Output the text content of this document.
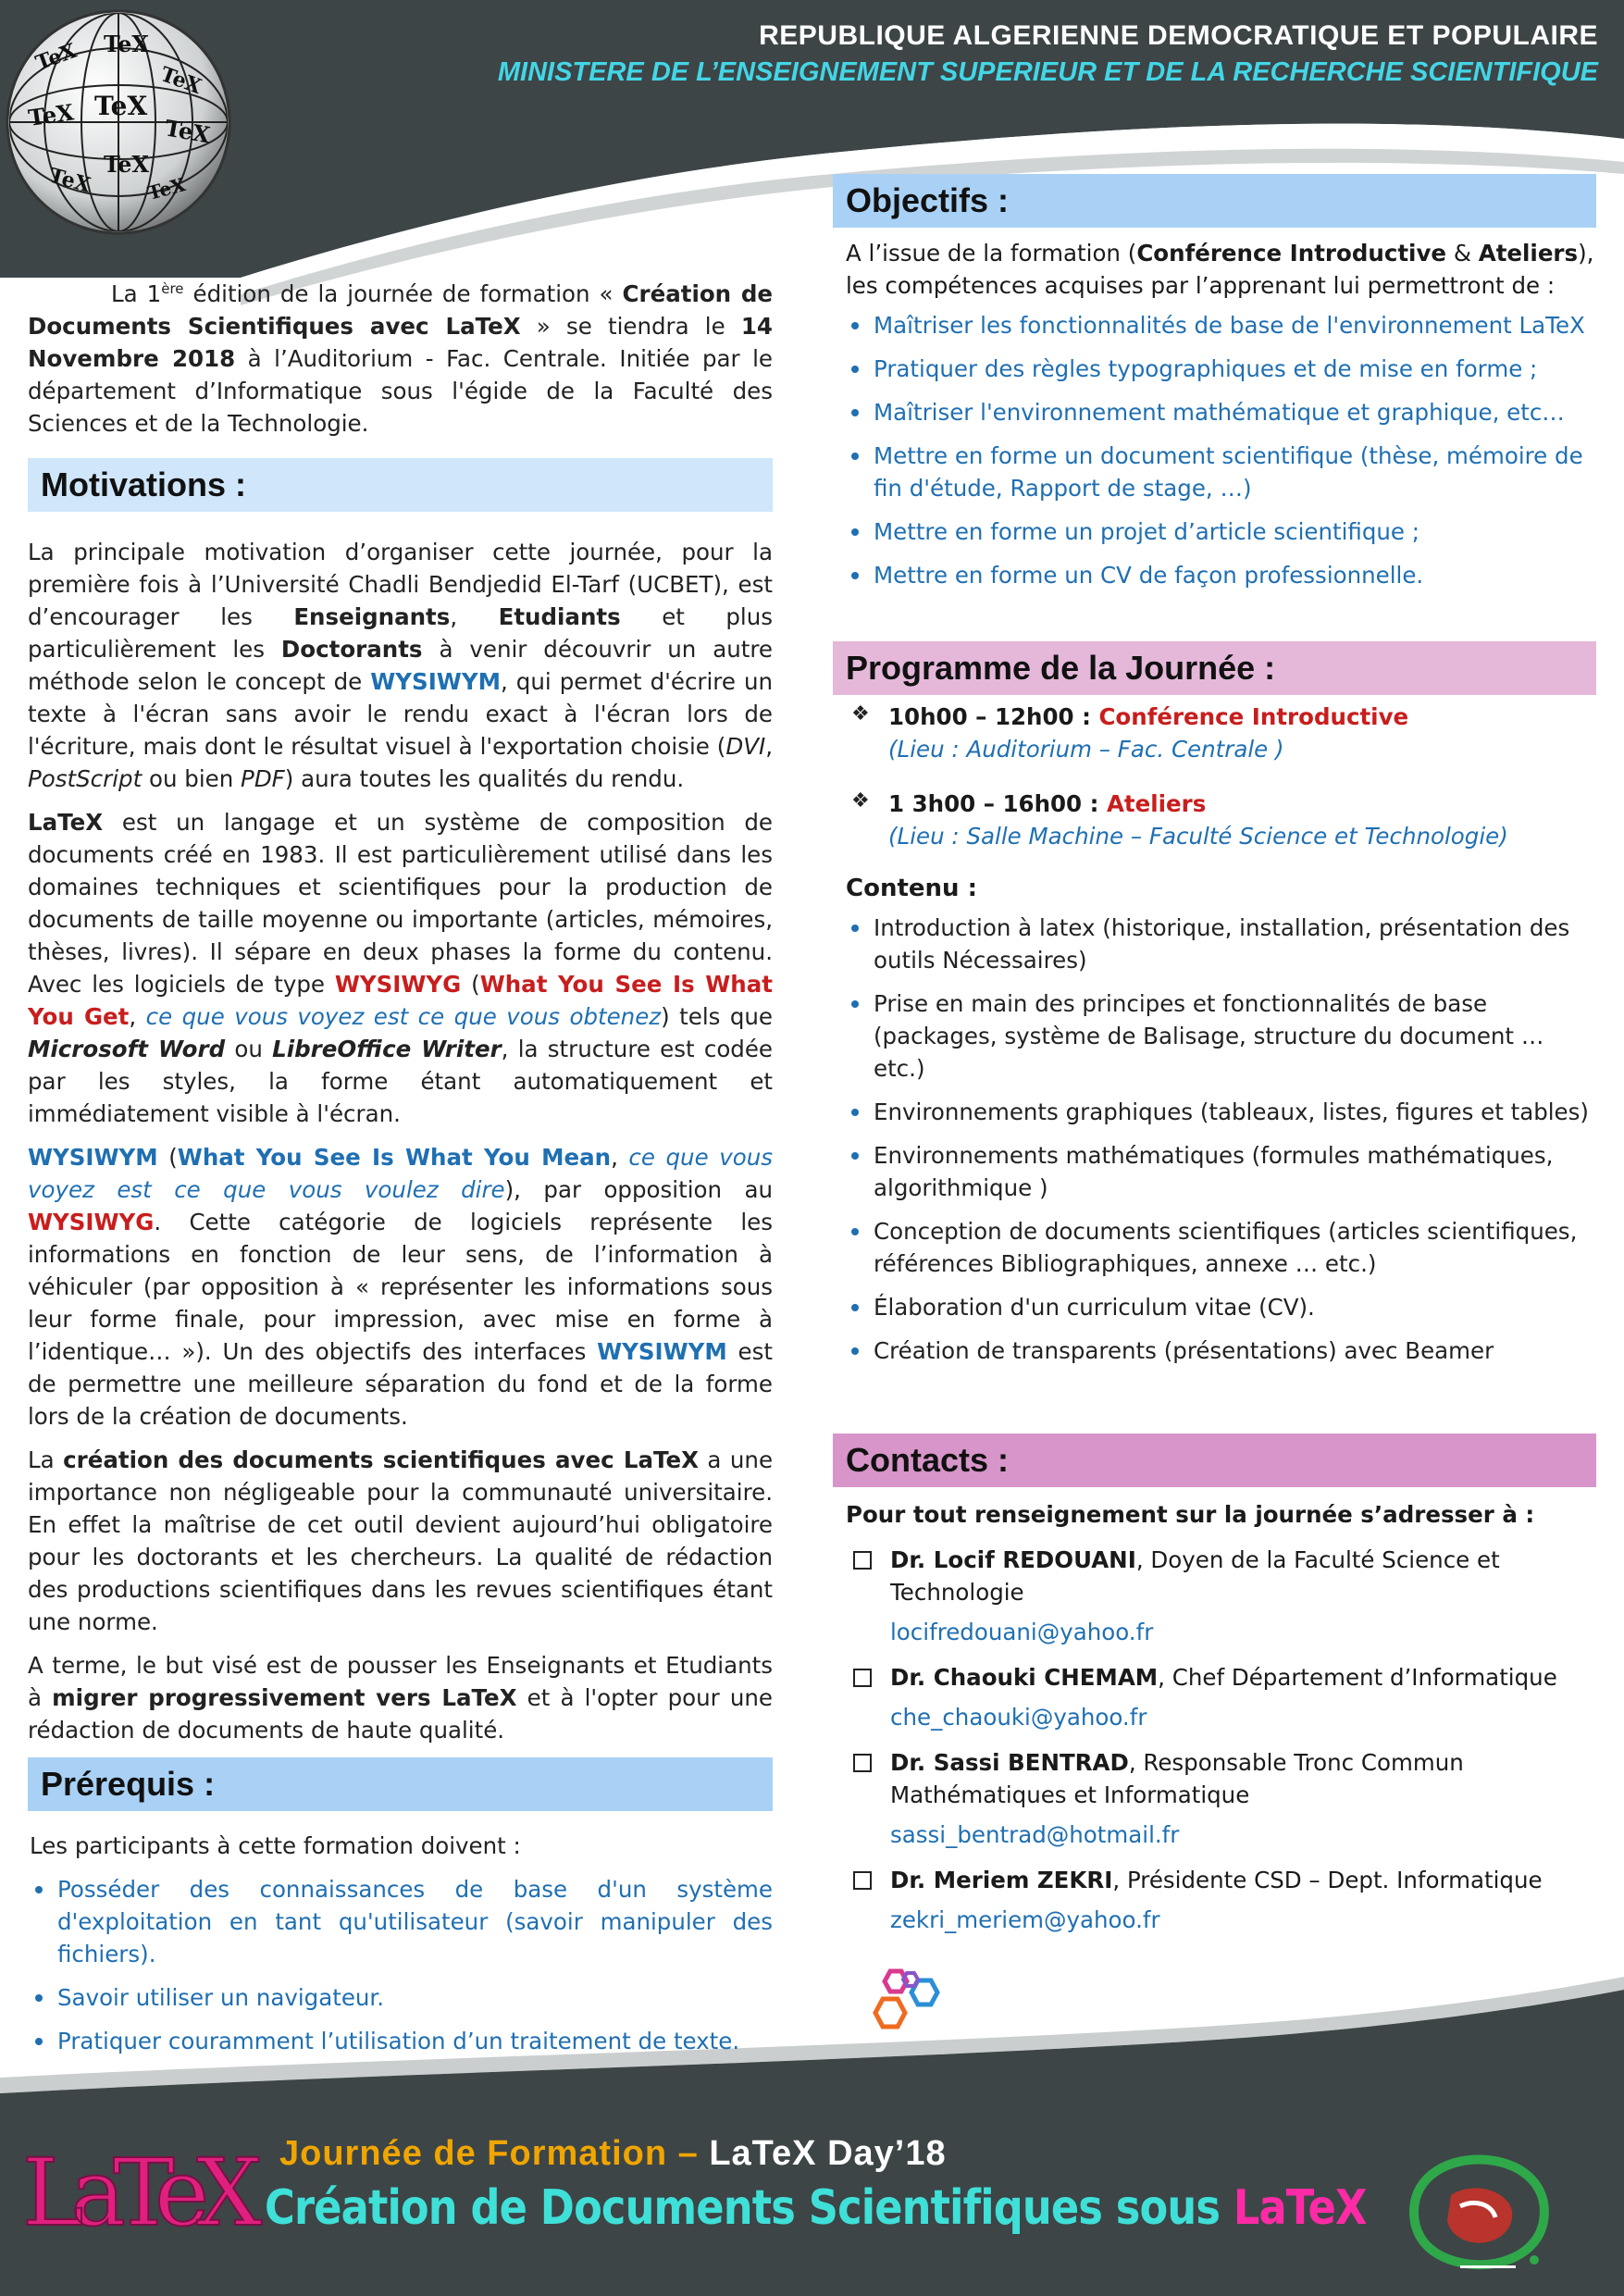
REPUBLIQUE ALGERIENNE DEMOCRATIQUE ET POPULAIRE
MINISTERE DE L’ENSEIGNEMENT SUPERIEUR ET DE LA RECHERCHE SCIENTIFIQUE
TeX TeX
TeX
TeX TeX
TeX
TeX TeX
TeX

La 1ère édition de la journée de formation « Création de Documents Scientifiques avec LaTeX » se tiendra le 14 Novembre 2018 à l’Auditorium - Fac. Centrale. Initiée par le département d’Informatique sous l'égide de la Faculté des Sciences et de la Technologie.

Motivations :

La principale motivation d’organiser cette journée, pour la première fois à l’Université Chadli Bendjedid El-Tarf (UCBET), est d’encourager les Enseignants, Etudiants et plus particulièrement les Doctorants à venir découvrir un autre méthode selon le concept de WYSIWYM, qui permet d'écrire un texte à l'écran sans avoir le rendu exact à l'écran lors de l'écriture, mais dont le résultat visuel à l'exportation choisie (DVI, PostScript ou bien PDF) aura toutes les qualités du rendu.

LaTeX est un langage et un système de composition de documents créé en 1983. Il est particulièrement utilisé dans les domaines techniques et scientifiques pour la production de documents de taille moyenne ou importante (articles, mémoires, thèses, livres). Il sépare en deux phases la forme du contenu. Avec les logiciels de type WYSIWYG (What You See Is What You Get, ce que vous voyez est ce que vous obtenez) tels que Microsoft Word ou LibreOffice Writer, la structure est codée par les styles, la forme étant automatiquement et immédiatement visible à l'écran.

WYSIWYM (What You See Is What You Mean, ce que vous voyez est ce que vous voulez dire), par opposition au WYSIWYG. Cette catégorie de logiciels représente les informations en fonction de leur sens, de l’information à véhiculer (par opposition à « représenter les informations sous leur forme finale, pour impression, avec mise en forme à l’identique… »). Un des objectifs des interfaces WYSIWYM est de permettre une meilleure séparation du fond et de la forme lors de la création de documents.

La création des documents scientifiques avec LaTeX a une importance non négligeable pour la communauté universitaire. En effet la maîtrise de cet outil devient aujourd’hui obligatoire pour les doctorants et les chercheurs. La qualité de rédaction des productions scientifiques dans les revues scientifiques étant une norme.

A terme, le but visé est de pousser les Enseignants et Etudiants à migrer progressivement vers LaTeX et à l'opter pour une rédaction de documents de haute qualité.

Prérequis :

Les participants à cette formation doivent :

Posséder des connaissances de base d'un système d'exploitation en tant qu'utilisateur (savoir manipuler des fichiers).
Savoir utiliser un navigateur.
Pratiquer couramment l’utilisation d’un traitement de texte.
Objectifs :

A l’issue de la formation (Conférence Introductive & Ateliers), les compétences acquises par l’apprenant lui permettront de :

Maîtriser les fonctionnalités de base de l'environnement LaTeX
Pratiquer des règles typographiques et de mise en forme ;
Maîtriser l'environnement mathématique et graphique, etc…
Mettre en forme un document scientifique (thèse, mémoire de fin d'étude, Rapport de stage, …)
Mettre en forme un projet d’article scientifique ;
Mettre en forme un CV de façon professionnelle.
Programme de la Journée :
❖ 10h00 – 12h00 : Conférence Introductive
(Lieu : Auditorium – Fac. Centrale )
❖ 1 3h00 – 16h00 : Ateliers
(Lieu : Salle Machine – Faculté Science et Technologie)
Contenu :
Introduction à latex (historique, installation, présentation des outils Nécessaires)
Prise en main des principes et fonctionnalités de base (packages, système de Balisage, structure du document … etc.)
Environnements graphiques (tableaux, listes, figures et tables)
Environnements mathématiques (formules mathématiques, algorithmique )
Conception de documents scientifiques (articles scientifiques, références Bibliographiques, annexe … etc.)
Élaboration d'un curriculum vitae (CV).
Création de transparents (présentations) avec Beamer
Contacts :

Pour tout renseignement sur la journée s’adresser à :

Dr. Locif REDOUANI, Doyen de la Faculté Science et Technologie
locifredouani@yahoo.fr
Dr. Chaouki CHEMAM, Chef Département d’Informatique
che_chaouki@yahoo.fr
Dr. Sassi BENTRAD, Responsable Tronc Commun Mathématiques et Informatique
sassi_bentrad@hotmail.fr
Dr. Meriem ZEKRI, Présidente CSD – Dept. Informatique
zekri_meriem@yahoo.fr
LaTeX Journée de Formation – LaTeX Day’18
Création de Documents Scientifiques sous LaTeX
